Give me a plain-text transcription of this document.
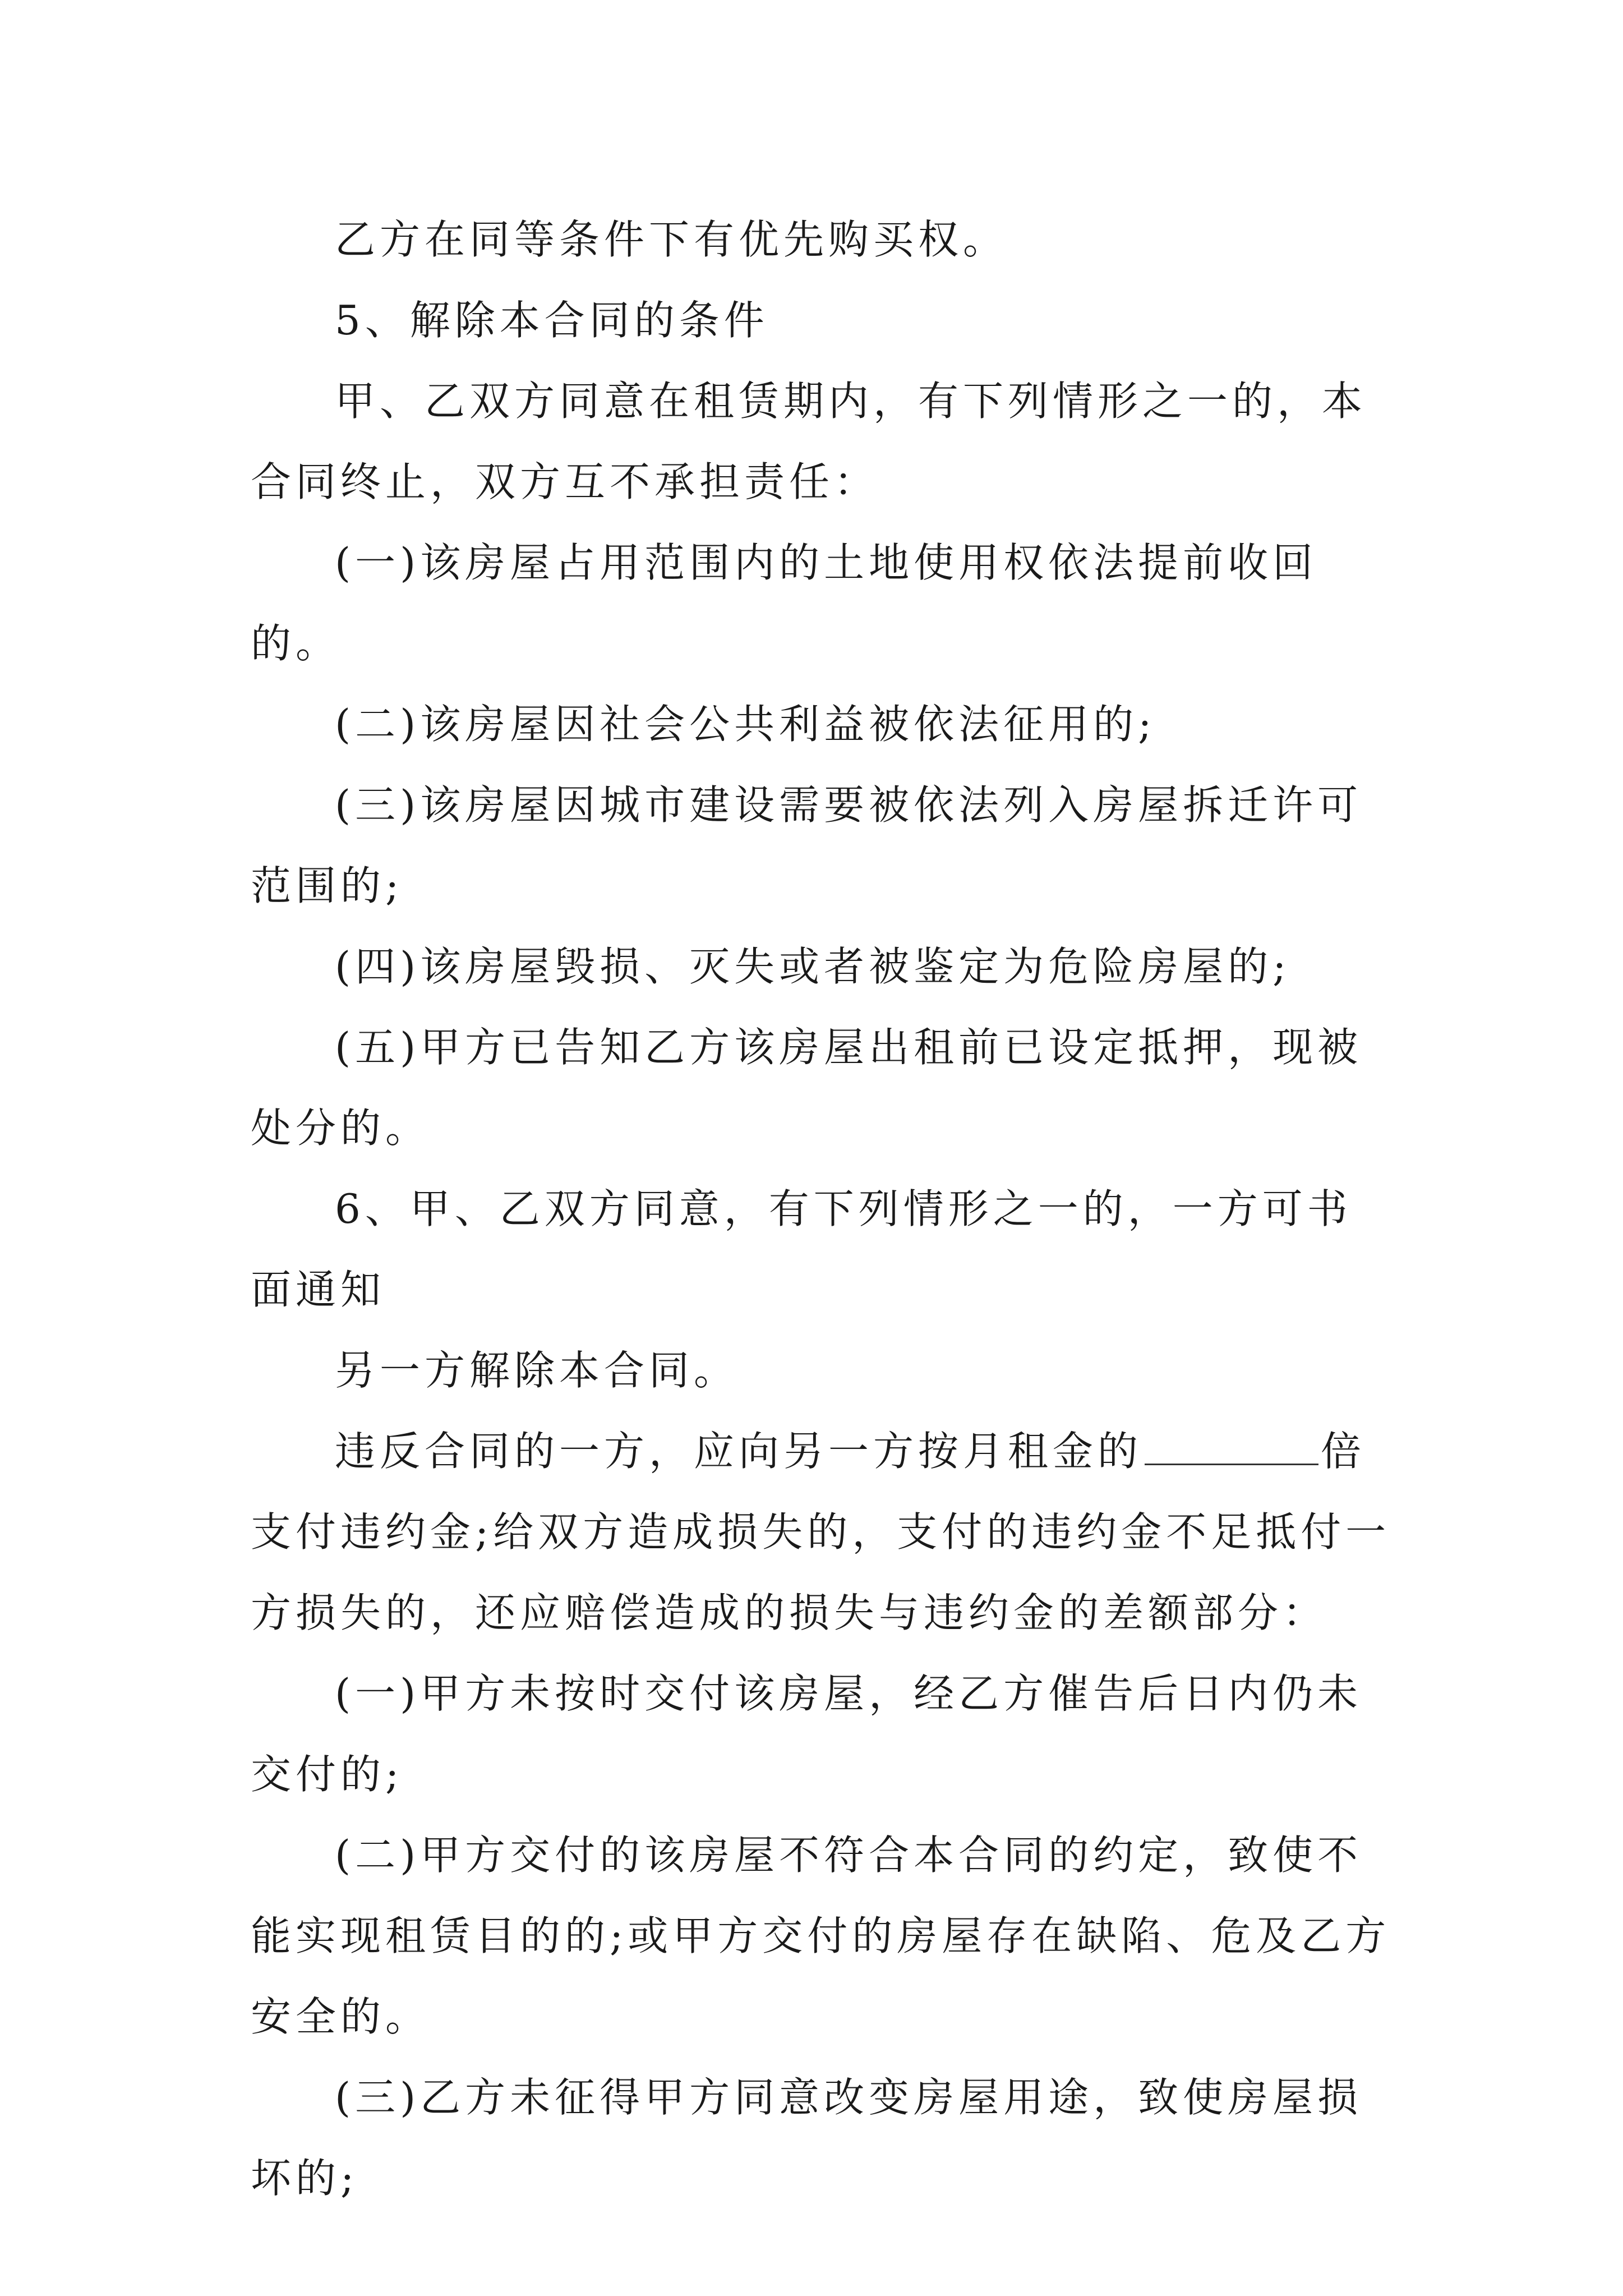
乙方在同等条件下有优先购买权。

5、解除本合同的条件

甲、乙双方同意在租赁期内，有下列情形之一的，本合同终止，双方互不承担责任：

(一)该房屋占用范围内的土地使用权依法提前收回的。

(二)该房屋因社会公共利益被依法征用的;

(三)该房屋因城市建设需要被依法列入房屋拆迁许可范围的;

(四)该房屋毁损、灭失或者被鉴定为危险房屋的;

(五)甲方已告知乙方该房屋出租前已设定抵押，现被处分的。

6、甲、乙双方同意，有下列情形之一的，一方可书面通知

另一方解除本合同。

违反合同的一方，应向另一方按月租金的	倍支付违约金;给双方造成损失的，支付的违约金不足抵付一方损失的，还应赔偿造成的损失与违约金的差额部分：

(一)甲方未按时交付该房屋，经乙方催告后日内仍未交付的;

(二)甲方交付的该房屋不符合本合同的约定，致使不能实现租赁目的的;或甲方交付的房屋存在缺陷、危及乙方安全的。

(三)乙方未征得甲方同意改变房屋用途，致使房屋损坏的;
